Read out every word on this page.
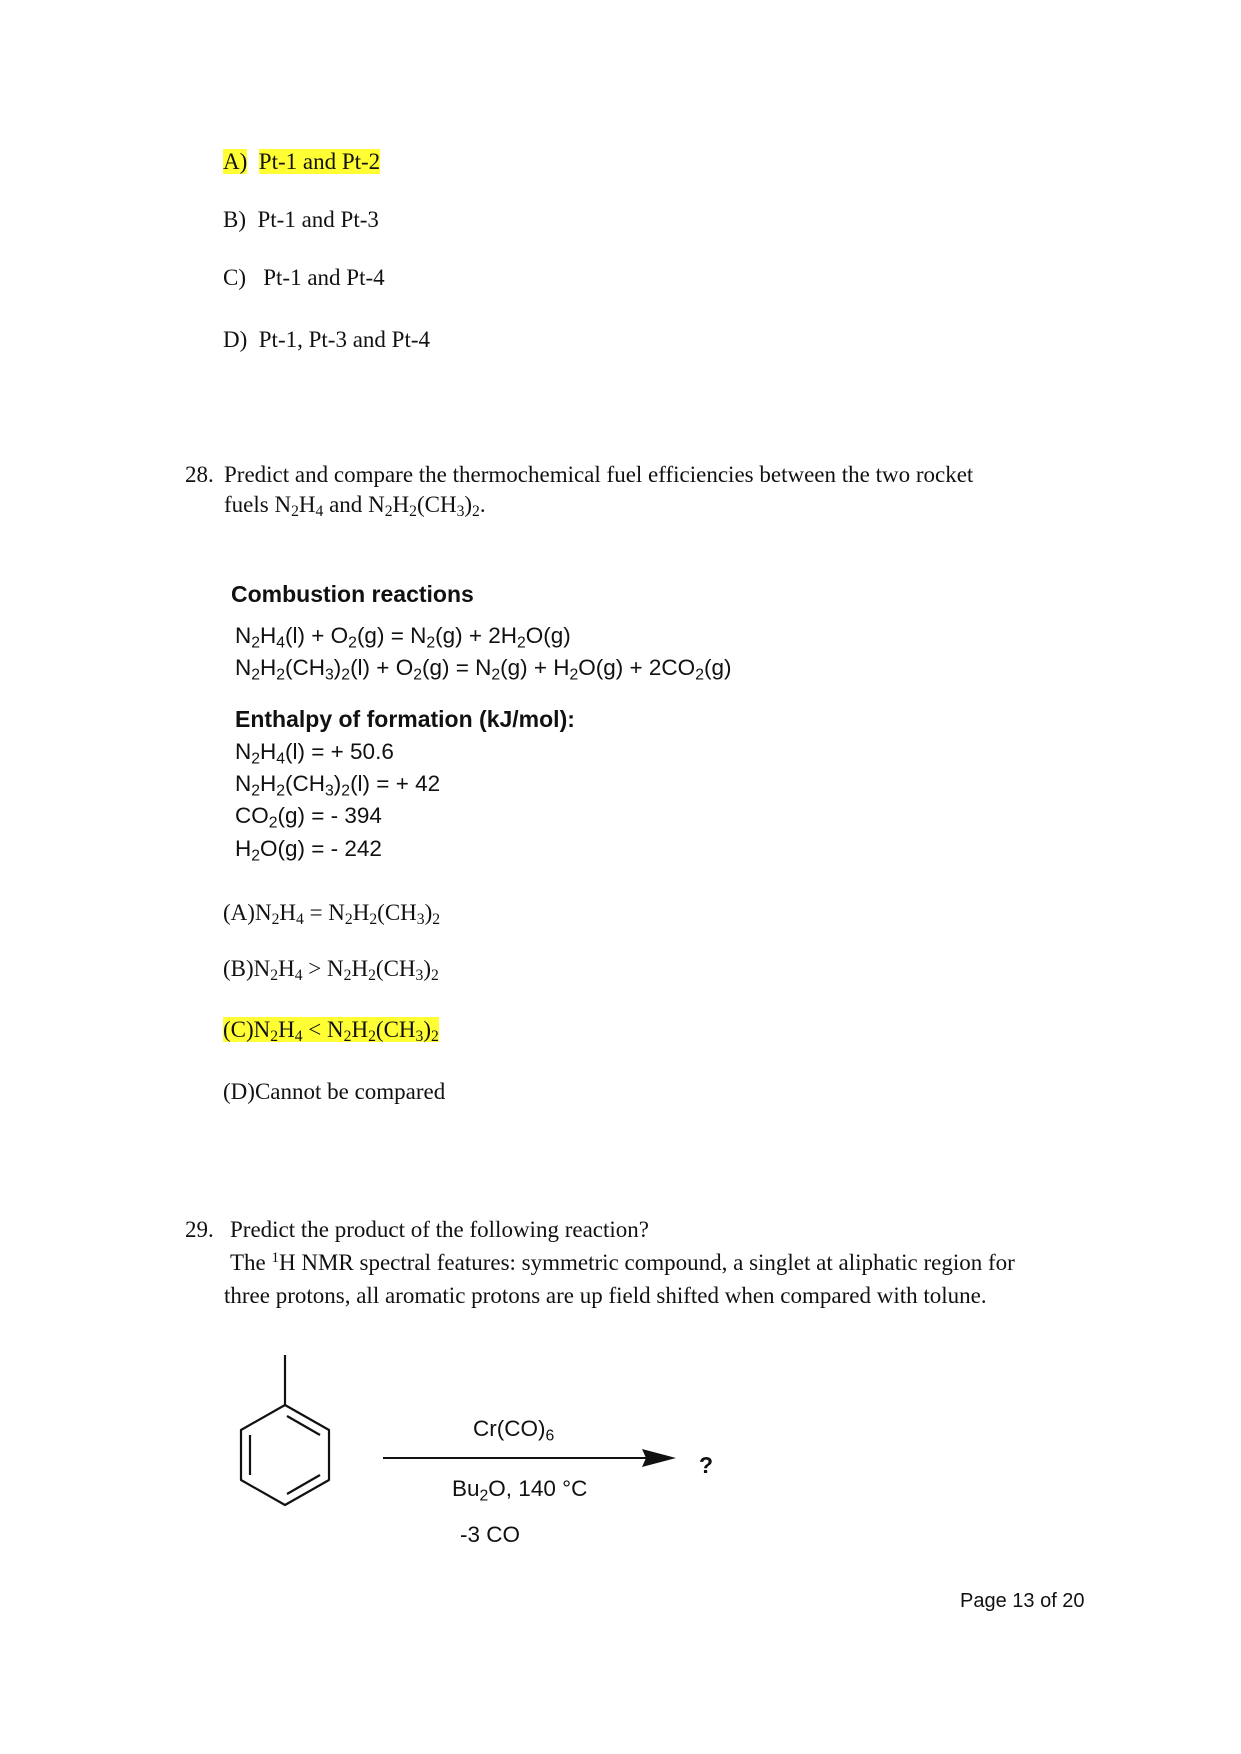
A) Pt-1 and Pt-2
B)  Pt-1 and Pt-3
C)   Pt-1 and Pt-4
D)  Pt-1, Pt-3 and Pt-4
28. Predict and compare the thermochemical fuel efficiencies between the two rocket
fuels N2H4 and N2H2(CH3)2.
Combustion reactions
$N_2H_4(l) + O_2(g) = N_2(g) + 2H_2O(g)$
$N_2H_2(CH_3)_2(l) + O_2(g) = N_2(g) + H_2O(g) + 2CO_2(g)$
Enthalpy of formation (kJ/mol):
$N_2H_4(l)$ = + 50.6
$N_2H_2(CH_3)_2(l)$ = + 42
$CO_2(g)$ = - 394
$H_2O(g)$ = - 242
(A)N2H4 = N2H2(CH3)2
(B)N2H4 > N2H2(CH3)2
(C)N2H4 < N2H2(CH3)2
(D)Cannot be compared
29. Predict the product of the following reaction?
The $^1$H NMR spectral features: symmetric compound, a singlet at aliphatic region for
three protons, all aromatic protons are up field shifted when compared with tolune.
$Cr(CO)_6$
$Bu_2O$, 140 °C
-3 CO
?
Page 13 of 20
